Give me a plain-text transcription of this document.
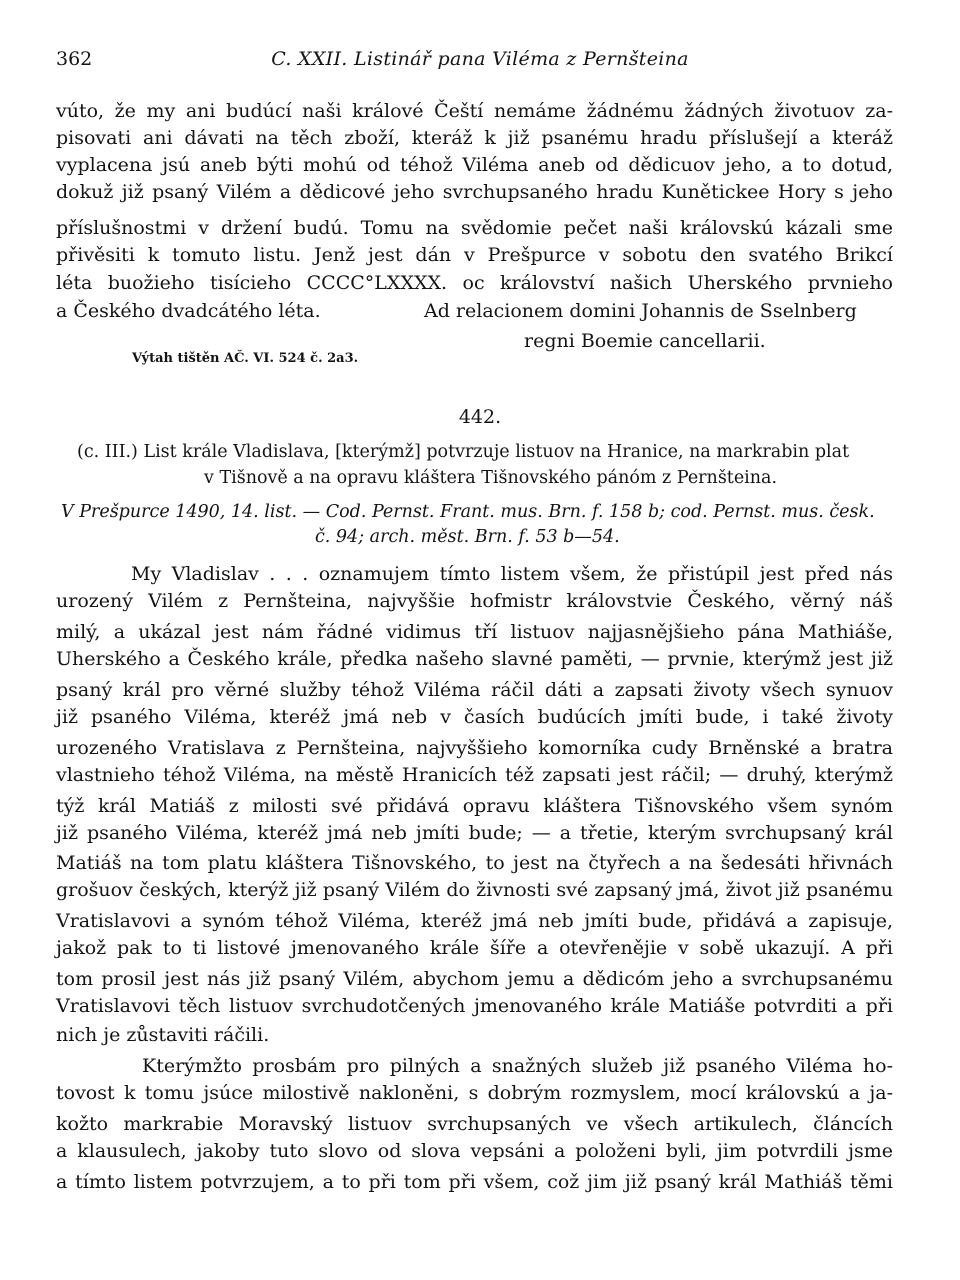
362	C. XXII. Listinář pana Viléma z Pernšteina
vúto, že my ani budúcí naši králové Čeští nemáme žádnému žádných životuov za-
pisovati ani dávati na těch zboží, kteráž k již psanému hradu příslušejí a kteráž
vyplacena jsú aneb býti mohú od téhož Viléma aneb od dědicuov jeho, a to dotud,
dokuž již psaný Vilém a dědicové jeho svrchupsaného hradu Kunětickee Hory s jeho
příslušnostmi v držení budú. Tomu na svědomie pečet naši královskú kázali sme
přivěsiti k tomuto listu. Jenž jest dán v Prešpurce v sobotu den svatého Brikcí
léta buožieho tisícieho CCCC°LXXXX. oc království našich Uherského prvnieho
a Českého dvadcátého léta.	Ad relacionem domini Johannis de Sselnberg
regni Boemie cancellarii.
Výtah tištěn AČ. VI. 524 č. 2a3.
442.
(c. III.) List krále Vladislava, [kterýmž] potvrzuje listuov na Hranice, na markrabin plat
v Tišnově a na opravu kláštera Tišnovského pánóm z Pernšteina.
V Prešpurce 1490, 14. list. — Cod. Pernst. Frant. mus. Brn. f. 158 b; cod. Pernst. mus. česk.
č. 94; arch. měst. Brn. f. 53 b—54.
My Vladislav . . . oznamujem tímto listem všem, že přistúpil jest před nás
urozený Vilém z Pernšteina, najvyššie hofmistr královstvie Českého, věrný náš
milý, a ukázal jest nám řádné vidimus tří listuov najjasnějšieho pána Mathiáše,
Uherského a Českého krále, předka našeho slavné paměti, — prvnie, kterýmž jest již
psaný král pro věrné služby téhož Viléma ráčil dáti a zapsati životy všech synuov
již psaného Viléma, kteréž jmá neb v časích budúcích jmíti bude, i také životy
urozeného Vratislava z Pernšteina, najvyššieho komorníka cudy Brněnské a bratra
vlastnieho téhož Viléma, na městě Hranicích též zapsati jest ráčil; — druhý, kterýmž
týž král Matiáš z milosti své přidává opravu kláštera Tišnovského všem synóm
již psaného Viléma, kteréž jmá neb jmíti bude; — a třetie, kterým svrchupsaný král
Matiáš na tom platu kláštera Tišnovského, to jest na čtyřech a na šedesáti hřivnách
grošuov českých, kterýž již psaný Vilém do živnosti své zapsaný jmá, život již psanému
Vratislavovi a synóm téhož Viléma, kteréž jmá neb jmíti bude, přidává a zapisuje,
jakož pak to ti listové jmenovaného krále šíře a otevřenějie v sobě ukazují. A při
tom prosil jest nás již psaný Vilém, abychom jemu a dědicóm jeho a svrchupsanému
Vratislavovi těch listuov svrchudotčených jmenovaného krále Matiáše potvrditi a při
nich je zůstaviti ráčili.
Kterýmžto prosbám pro pilných a snažných služeb již psaného Viléma ho-
tovost k tomu jsúce milostivě nakloněni, s dobrým rozmyslem, mocí královskú a ja-
kožto markrabie Moravský listuov svrchupsaných ve všech artikulech, článcích
a klausulech, jakoby tuto slovo od slova vepsáni a položeni byli, jim potvrdili jsme
a tímto listem potvrzujem, a to při tom při všem, což jim již psaný král Mathiáš těmi
